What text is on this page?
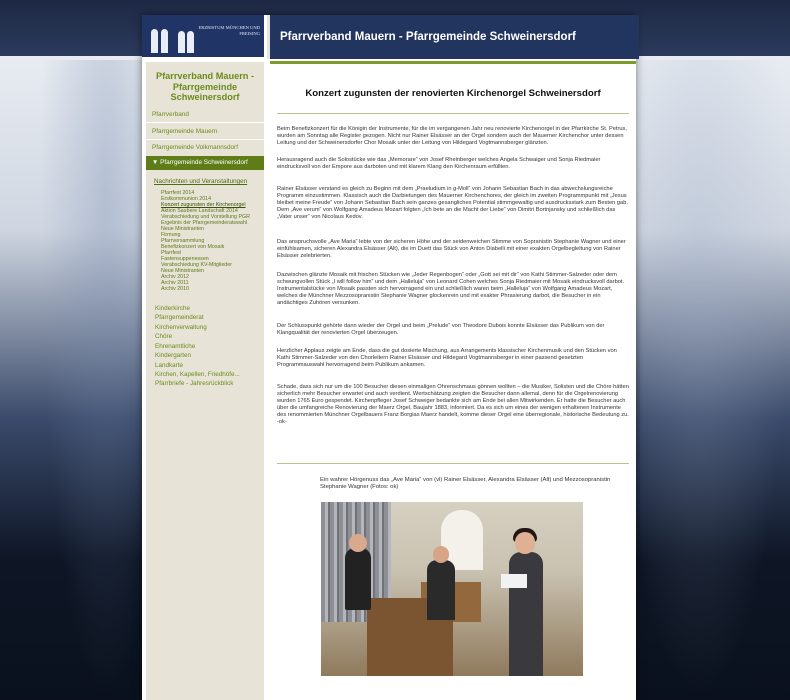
ERZBISTUM MÜNCHEN UND FREISING Pfarrverband Mauern - Pfarrgemeinde Schweinersdorf
Pfarrverband Mauern - Pfarrgemeinde Schweinersdorf
Pfarrverband
Pfarrgemeinde Mauern
Pfarrgemeinde Volkmannsdorf
▼ Pfarrgemeinde Schweinersdorf
Nachrichten und Veranstaltungen
Pfarrfest 2014
Erstkommunion 2014
Konzert zugunsten der Kirchenorgel
Aktion Saubere Landschaft 2014
Verabschiedung und Vorstellung PGR
Ergebnis der Pfarrgemeinderatswahl
Neue Ministranten
Firmung
Pfarrversammlung
Benefizkonzert von Mosaik
Pfarrfest
Fastensuppenessen
Verabschiedung KV-Mitglieder
Neue Ministranten
Archiv 2012
Archiv 2011
Archiv 2010
Kinderkirche
Pfarrgemeinderat
Kirchenverwaltung
Chöre
Ehrenamtliche
Kindergarten
Landkarte
Kirchen, Kapellen, Friedhöfe...
Pfarrbriefe - Jahresrückblick
Konzert zugunsten der renovierten Kirchenorgel Schweinersdorf

Beim Benefizkonzert für die Königin der Instrumente, für die im vergangenen Jahr neu renovierte Kirchenorgel in der Pfarrkirche St. Petrus, wurden am Sonntag alle Register gezogen. Nicht nur Rainer Elsässer an der Orgel sondern auch der Mauerner Kirchenchor unter dessen Leitung und der Schweinersdorfer Chor Mosaik unter der Leitung von Hildegard Vogtmannsberger glänzten.

Herausragend auch die Solostücke wie das „Memorare“ von Josef Rheinberger welches Angela Schwaiger und Sonja Riedmaier eindrucksvoll von der Empore aus darboten und mit klarem Klang den Kirchenraum erfüllten.

Rainer Elsässer verstand es gleich zu Beginn mit dem „Praeludium in g-Moll“ von Johann Sebastian Bach in das abwechslungsreiche Programm einzustimmen. Klassisch auch die Darbietungen des Mauerner Kirchenchores, der gleich im zweiten Programmpunkt mit „Jesus bleibet meine Freude“ von Johann Sebastian Bach sein ganzes gesangliches Potential stimmgewaltig und ausdrucksstark zum Besten gab. Dem „Ave verum“ von Wolfgang Amadeus Mozart folgten „Ich bete an die Macht der Liebe“ von Dimitri Bortnjansky und schließlich das „Vater unser“ von Nicolaus Kedov.

Das anspruchsvolle „Ave Maria“ lebte von der sicheren Höhe und der seidenweichen Stimme von Sopranistin Stephanie Wagner und einer einfühlsamen, sicheren Alexandra Elsässer (Alt), die im Duett das Stück von Anton Diabelli mit einer exakten Orgelbegleitung von Rainer Elsässer zelebrierten.

Dazwischen glänzte Mosaik mit frischen Stücken wie „Jeder Regenbogen“ oder „Gott sei mit dir“ von Kathi Stimmer-Salzeder oder dem schwungvollen Stück „I will follow him“ und dem „Halleluja“ von Leonard Cohen welches Sonja Riedmaier mit Mosaik eindrucksvoll darbot. Instrumentalstücke von Mosaik passten sich hervorragend ein und schließlich waren beim „Halleluja“ von Wolfgang Amadeus Mozart, welches die Münchner Mezzosopranistin Stephanie Wagner glockenrein und mit exakter Phrasierung darbot, die Besucher in ein andächtiges Zuhören versunken.

Der Schlusspunkt gehörte dann wieder der Orgel und beim „Prelude“ von Theodore Dubois konnte Elsässer das Publikum von der Klangqualität der renovierten Orgel überzeugen.

Herzlicher Applaus zeigte am Ende, dass die gut dosierte Mischung, aus Arrangements klassischer Kirchenmusik und den Stücken von Kathi Stimmer-Salzeder von den Chorleitern Rainer Elsässer und Hildegard Vogtmannsberger in einer passend gesetzten Programmauswahl hervorragend beim Publikum ankamen.

Schade, dass sich nur um die 100 Besucher diesen einmaligen Ohrenschmaus gönnen wollten – die Musiker, Solisten und die Chöre hätten sicherlich mehr Besucher erwartet und auch verdient. Wertschätzung zeigten die Besucher dann allemal, denn für die Orgelrenovierung wurden 1765 Euro gespendet. Kirchenpfleger Josef Schweiger bedankte sich am Ende bei allen Mitwirkenden. Er hatte die Besucher auch über die umfangreiche Renovierung der Maerz Orgel, Baujahr 1883, informiert. Da es sich um eines der wenigen erhaltenen Instrumente des renommierten Münchner Orgelbauers Franz Borgias Maerz handelt, komme dieser Orgel eine überregionale, historische Bedeutung zu. -ok-

Ein wahrer Hörgenuss das „Ave Maria“ von (vl) Rainer Elsässer, Alexandra Elsässer (Alt) und Mezzosopranistin Stephanie Wagner (Fotos: ok)
